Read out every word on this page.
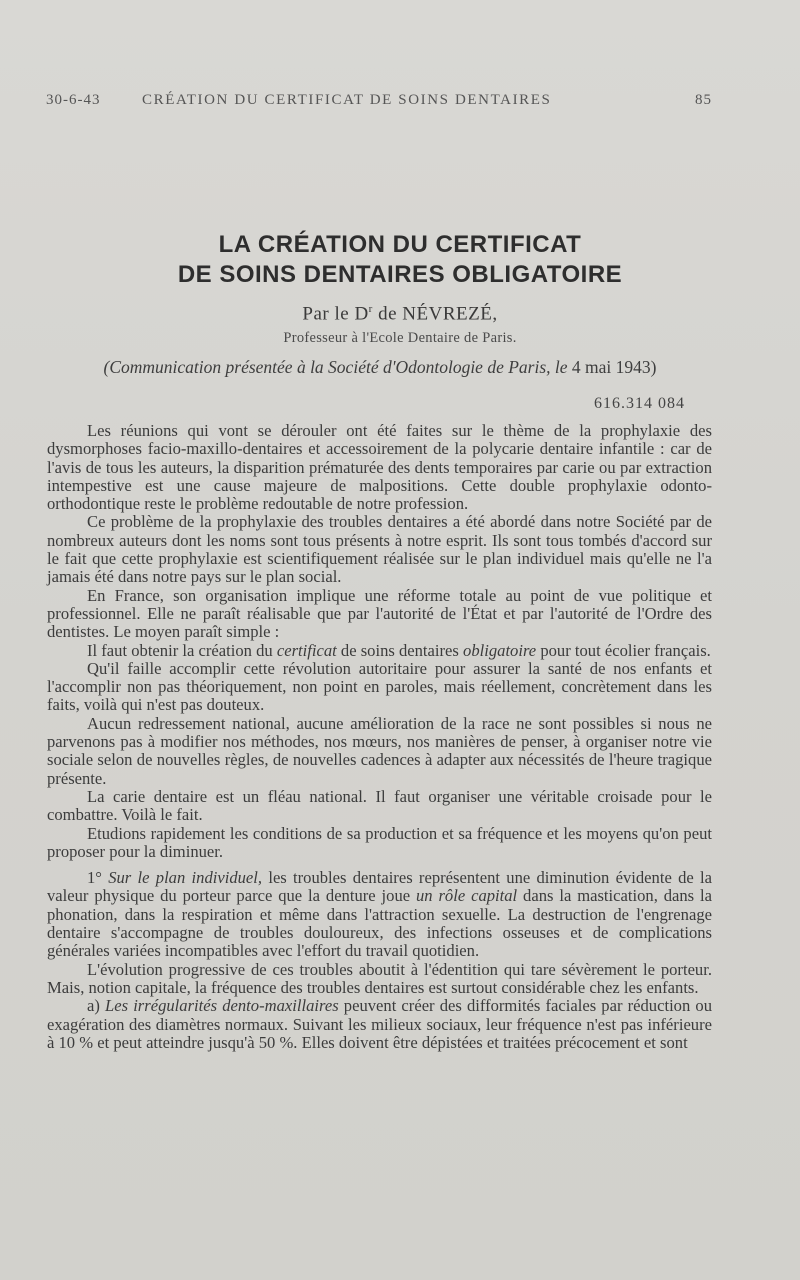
30-6-43	CRÉATION DU CERTIFICAT DE SOINS DENTAIRES	85
LA CRÉATION DU CERTIFICAT
DE SOINS DENTAIRES OBLIGATOIRE
Par le $D^r$ de NÉVREZÉ,
Professeur à l'Ecole Dentaire de Paris.
(Communication présentée à la Société d'Odontologie de Paris, le 4 mai 1943)
616.314 084

Les réunions qui vont se dérouler ont été faites sur le thème de la prophylaxie des dysmorphoses facio-maxillo-dentaires et accessoirement de la polycarie dentaire infantile : car de l'avis de tous les auteurs, la disparition prématurée des dents temporaires par carie ou par extraction intempestive est une cause majeure de malpositions. Cette double prophylaxie odonto-orthodontique reste le problème redoutable de notre profession.

Ce problème de la prophylaxie des troubles dentaires a été abordé dans notre Société par de nombreux auteurs dont les noms sont tous présents à notre esprit. Ils sont tous tombés d'accord sur le fait que cette prophylaxie est scientifiquement réalisée sur le plan individuel mais qu'elle ne l'a jamais été dans notre pays sur le plan social.

En France, son organisation implique une réforme totale au point de vue politique et professionnel. Elle ne paraît réalisable que par l'autorité de l'État et par l'autorité de l'Ordre des dentistes. Le moyen paraît simple :

Il faut obtenir la création du certificat de soins dentaires obligatoire pour tout écolier français.

Qu'il faille accomplir cette révolution autoritaire pour assurer la santé de nos enfants et l'accomplir non pas théoriquement, non point en paroles, mais réellement, concrètement dans les faits, voilà qui n'est pas douteux.

Aucun redressement national, aucune amélioration de la race ne sont possibles si nous ne parvenons pas à modifier nos méthodes, nos mœurs, nos manières de penser, à organiser notre vie sociale selon de nouvelles règles, de nouvelles cadences à adapter aux nécessités de l'heure tragique présente.

La carie dentaire est un fléau national. Il faut organiser une véritable croisade pour le combattre. Voilà le fait.

Etudions rapidement les conditions de sa production et sa fréquence et les moyens qu'on peut proposer pour la diminuer.

1° Sur le plan individuel, les troubles dentaires représentent une diminution évidente de la valeur physique du porteur parce que la denture joue un rôle capital dans la mastication, dans la phonation, dans la respiration et même dans l'attraction sexuelle. La destruction de l'engrenage dentaire s'accompagne de troubles douloureux, des infections osseuses et de complications générales variées incompatibles avec l'effort du travail quotidien.

L'évolution progressive de ces troubles aboutit à l'édentition qui tare sévèrement le porteur. Mais, notion capitale, la fréquence des troubles dentaires est surtout considérable chez les enfants.

a) Les irrégularités dento-maxillaires peuvent créer des difformités faciales par réduction ou exagération des diamètres normaux. Suivant les milieux sociaux, leur fréquence n'est pas inférieure à 10 % et peut atteindre jusqu'à 50 %. Elles doivent être dépistées et traitées précocement et sont
